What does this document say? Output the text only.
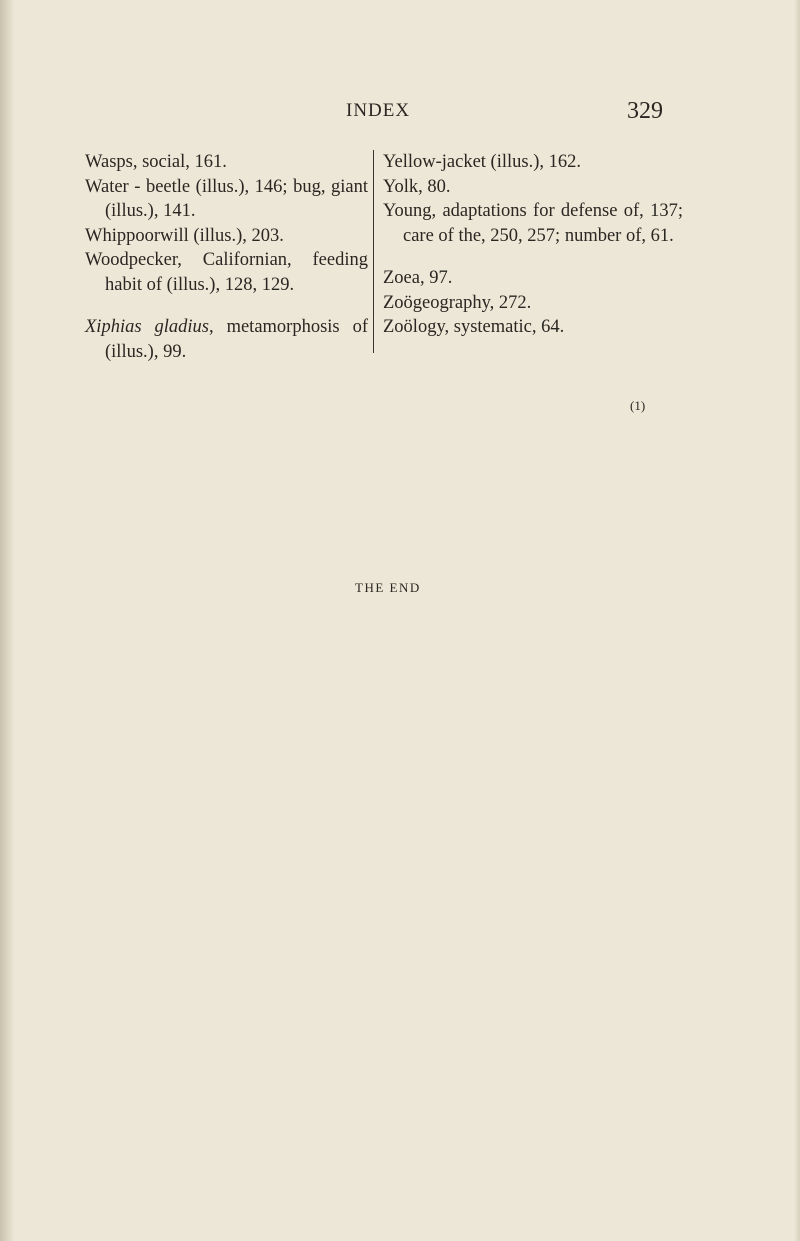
INDEX	329
Wasps, social, 161.
Water - beetle (illus.), 146; bug, giant (illus.), 141.
Whippoorwill (illus.), 203.
Woodpecker, Californian, feeding habit of (illus.), 128, 129.
Xiphias gladius, metamorphosis of (illus.), 99.
Yellow-jacket (illus.), 162.
Yolk, 80.
Young, adaptations for defense of, 137; care of the, 250, 257; number of, 61.
Zoea, 97.
Zoögeography, 272.
Zoölogy, systematic, 64.
(1)
THE END
